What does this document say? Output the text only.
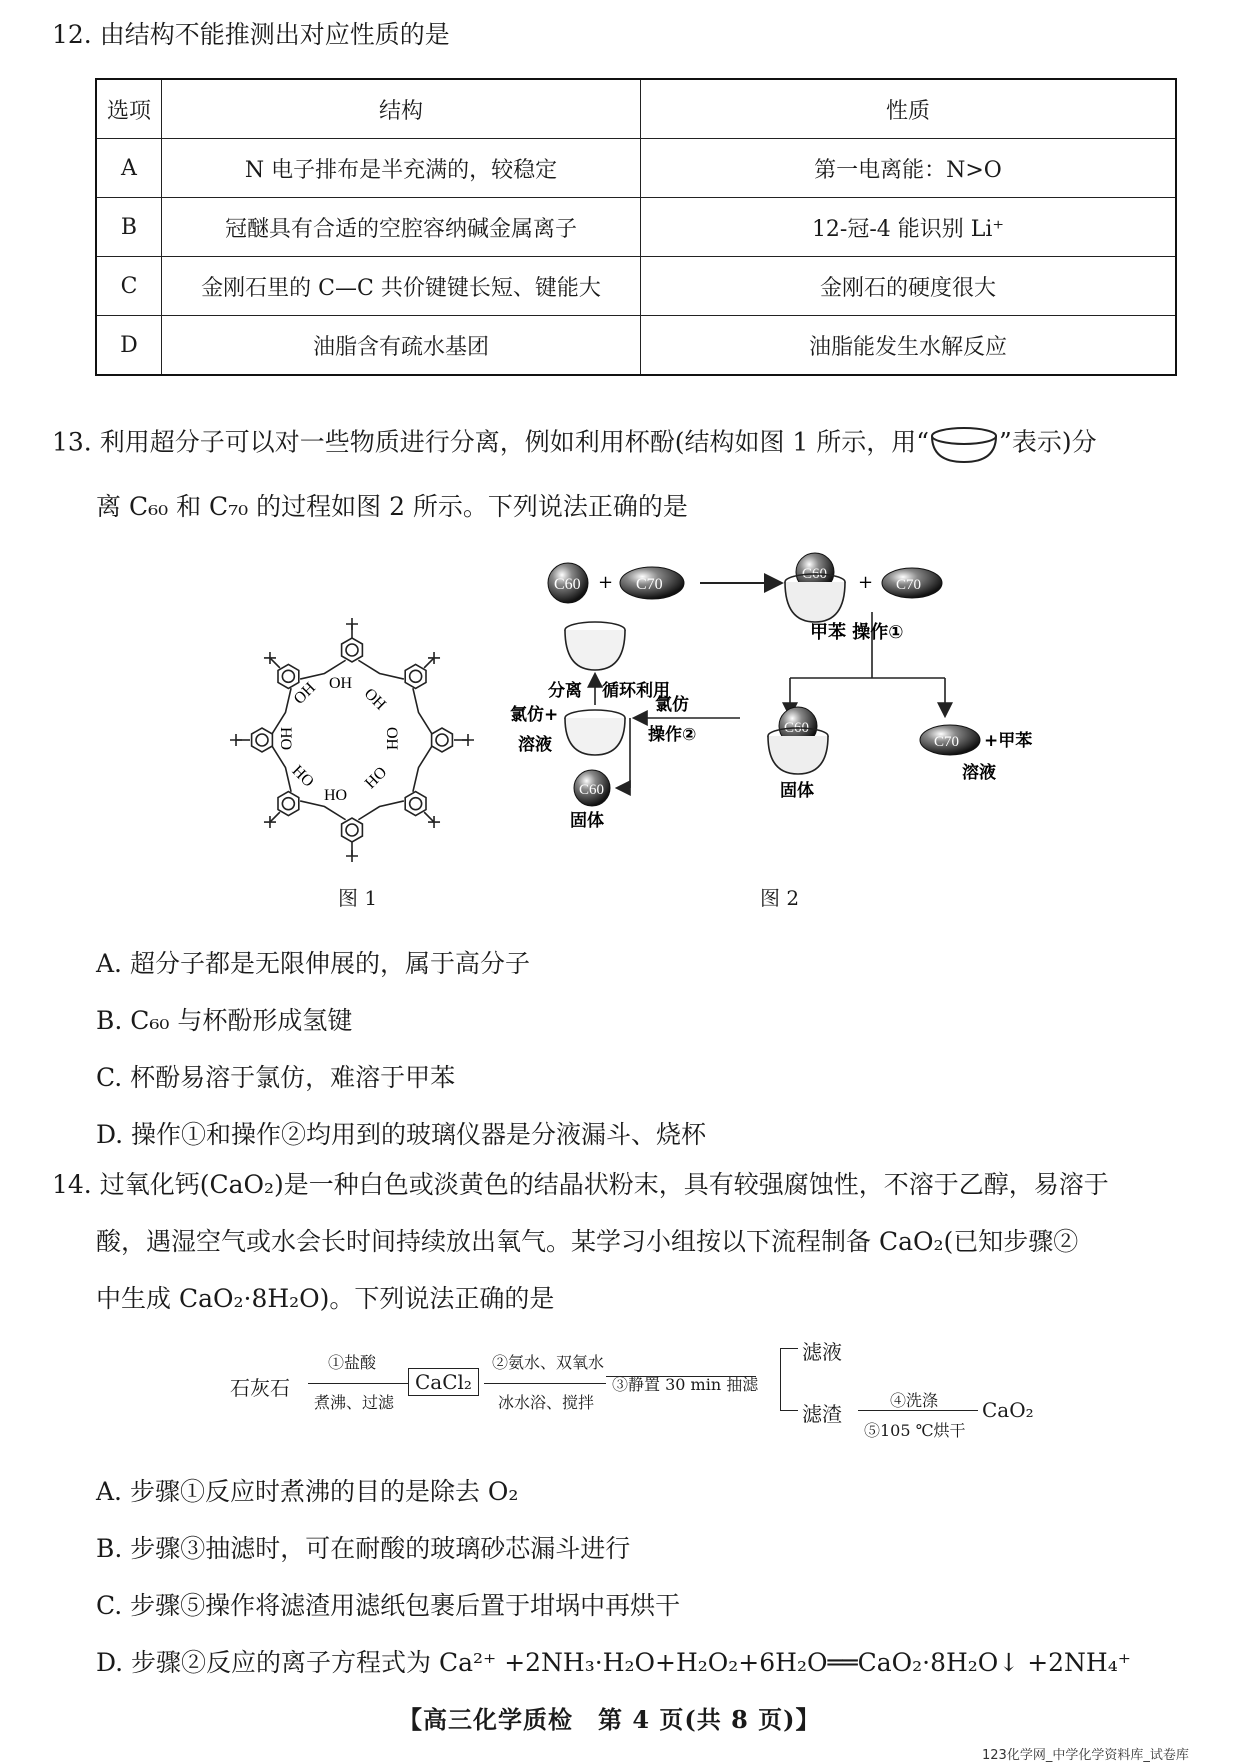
12. 由结构不能推测出对应性质的是
选项	结构	性质
A	N 电子排布是半充满的，较稳定	第一电离能：N>O
B	冠醚具有合适的空腔容纳碱金属离子	12-冠-4 能识别 Li⁺
C	金刚石里的 C—C 共价键键长短、键能大	金刚石的硬度很大
D	油脂含有疏水基团	油脂能发生水解反应
13. 利用超分子可以对一些物质进行分离，例如利用杯酚(结构如图 1 所示，用“	”表示)分
离 C₆₀ 和 C₇₀ 的过程如图 2 所示。下列说法正确的是
OH
OH	OH
OH
HO
HO	HO
HO
图 1
C60 + C70
C60 + C70
甲苯 操作①
分离 循环利用
氯仿+
溶液
氯仿
操作②
C60
固体
C60
固体
C70 +甲苯
溶液
图 2
A. 超分子都是无限伸展的，属于高分子
B. C₆₀ 与杯酚形成氢键
C. 杯酚易溶于氯仿，难溶于甲苯
D. 操作①和操作②均用到的玻璃仪器是分液漏斗、烧杯
14. 过氧化钙(CaO₂)是一种白色或淡黄色的结晶状粉末，具有较强腐蚀性，不溶于乙醇，易溶于
酸，遇湿空气或水会长时间持续放出氧气。某学习小组按以下流程制备 CaO₂(已知步骤②
中生成 CaO₂·8H₂O)。下列说法正确的是
石灰石
①盐酸
煮沸、过滤
CaCl₂
②氨水、双氧水
冰水浴、搅拌
③静置 30 min 抽滤
滤液
滤渣
④洗涤
⑤105 ℃烘干
CaO₂
A. 步骤①反应时煮沸的目的是除去 O₂
B. 步骤③抽滤时，可在耐酸的玻璃砂芯漏斗进行
C. 步骤⑤操作将滤渣用滤纸包裹后置于坩埚中再烘干
D. 步骤②反应的离子方程式为 Ca²⁺ +2NH₃·H₂O+H₂O₂+6H₂O══CaO₂·8H₂O↓ +2NH₄⁺
【高三化学质检　第 4 页(共 8 页)】
123化学网_中学化学资料库_试卷库
